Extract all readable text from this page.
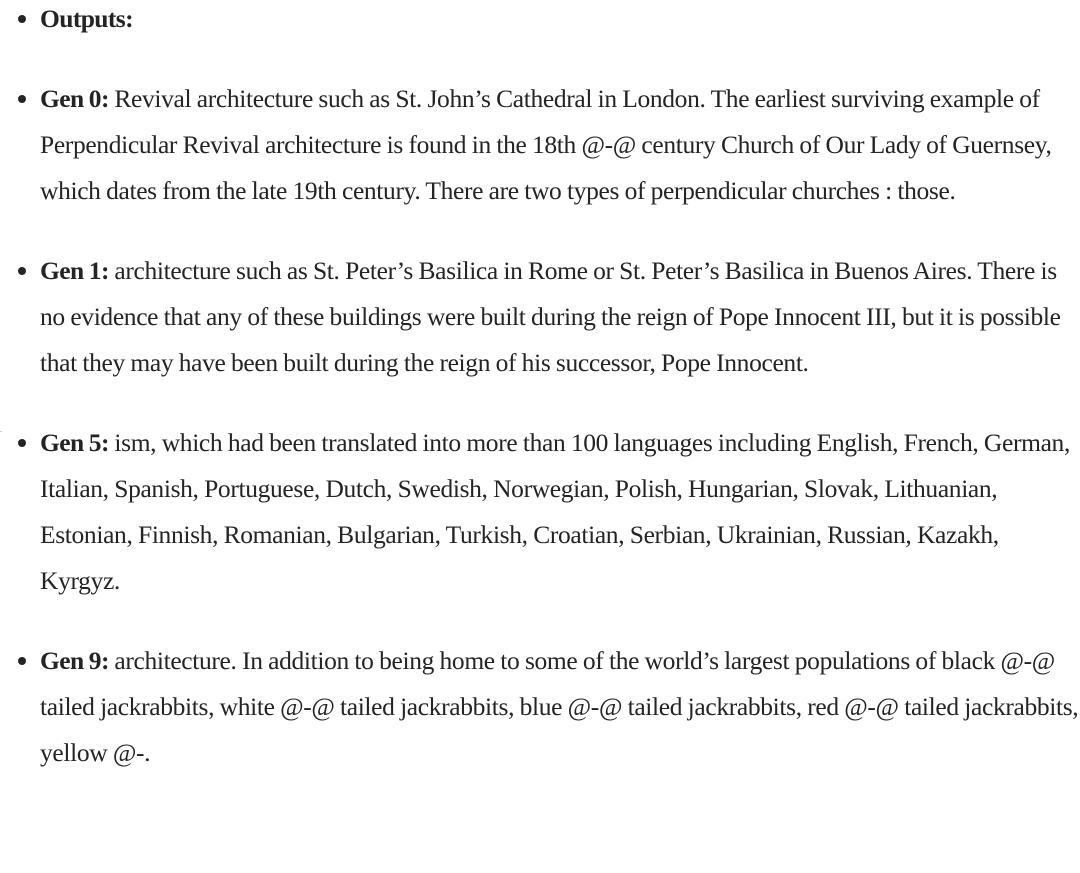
Outputs:
Gen 0: Revival architecture such as St. John’s Cathedral in London. The earliest surviving example of Perpendicular Revival architecture is found in the 18th @-@ century Church of Our Lady of Guernsey, which dates from the late 19th century. There are two types of perpendicular churches : those.
Gen 1: architecture such as St. Peter’s Basilica in Rome or St. Peter’s Basilica in Buenos Aires. There is no evidence that any of these buildings were built during the reign of Pope Innocent III, but it is possible that they may have been built during the reign of his successor, Pope Innocent.
Gen 5: ism, which had been translated into more than 100 languages including English, French, German, Italian, Spanish, Portuguese, Dutch, Swedish, Norwegian, Polish, Hungarian, Slovak, Lithuanian, Estonian, Finnish, Romanian, Bulgarian, Turkish, Croatian, Serbian, Ukrainian, Russian, Kazakh, Kyrgyz.
Gen 9: architecture. In addition to being home to some of the world’s largest populations of black @-@ tailed jackrabbits, white @-@ tailed jackrabbits, blue @-@ tailed jackrabbits, red @-@ tailed jackrabbits, yellow @-.
